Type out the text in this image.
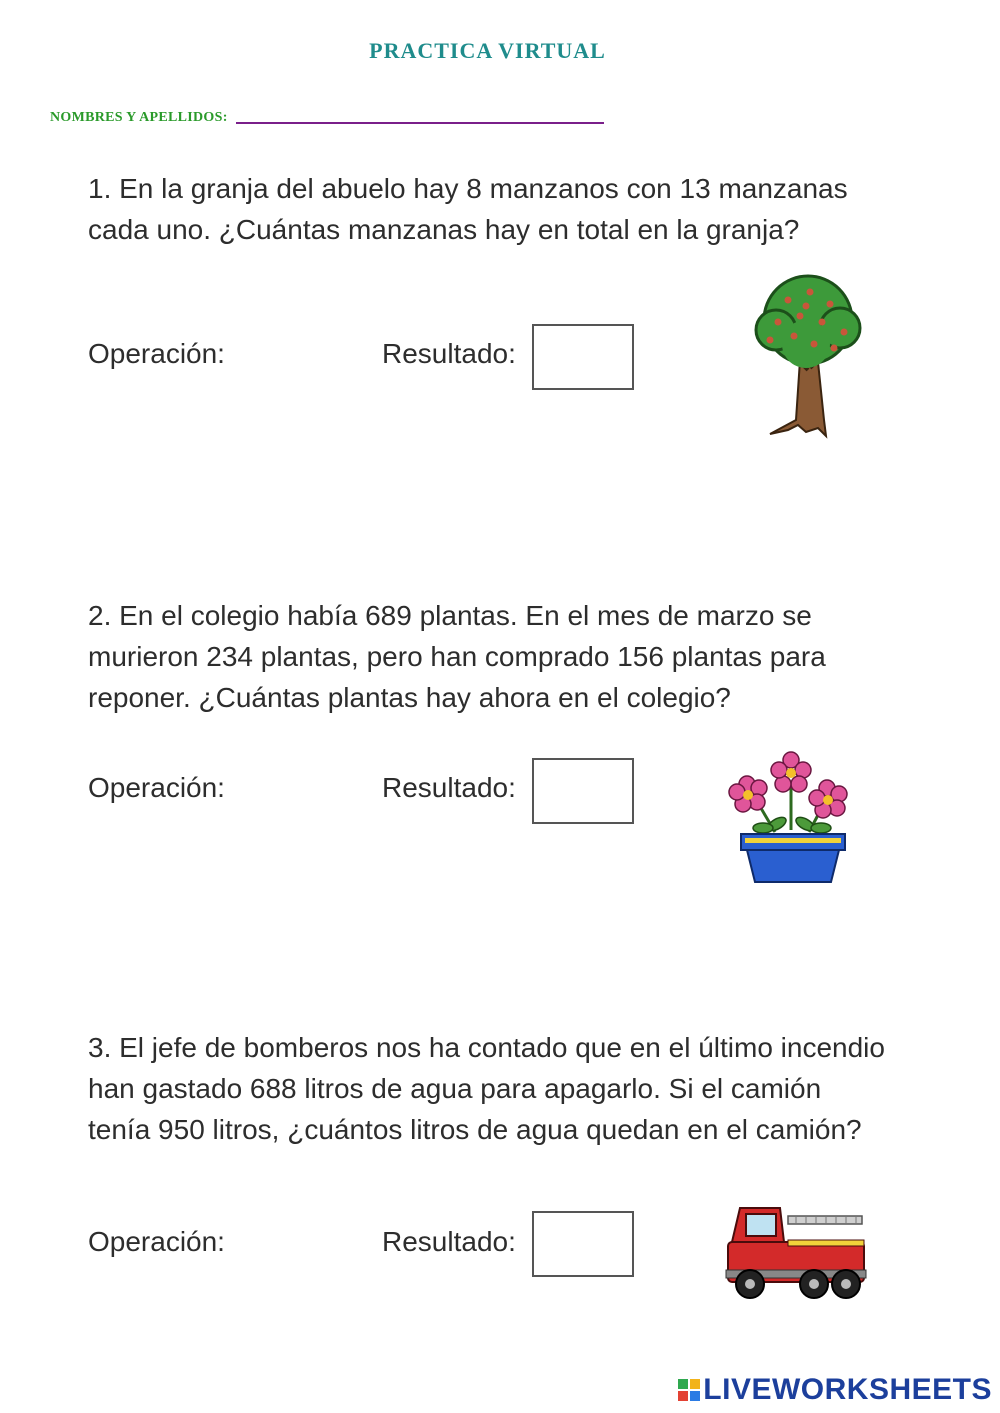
PRACTICA VIRTUAL
NOMBRES Y APELLIDOS:
1. En la granja del abuelo hay 8 manzanos con 13 manzanas cada uno. ¿Cuántas manzanas hay en total en la granja?
Operación:	Resultado:
2. En el colegio había 689 plantas. En el mes de marzo se murieron 234 plantas, pero han comprado 156 plantas para reponer. ¿Cuántas plantas hay ahora en el colegio?
Operación:	Resultado:
3. El jefe de bomberos nos ha contado que en el último incendio han gastado 688 litros de agua para apagarlo. Si el camión tenía 950 litros, ¿cuántos litros de agua quedan en el camión?
Operación:	Resultado:
LIVEWORKSHEETS
